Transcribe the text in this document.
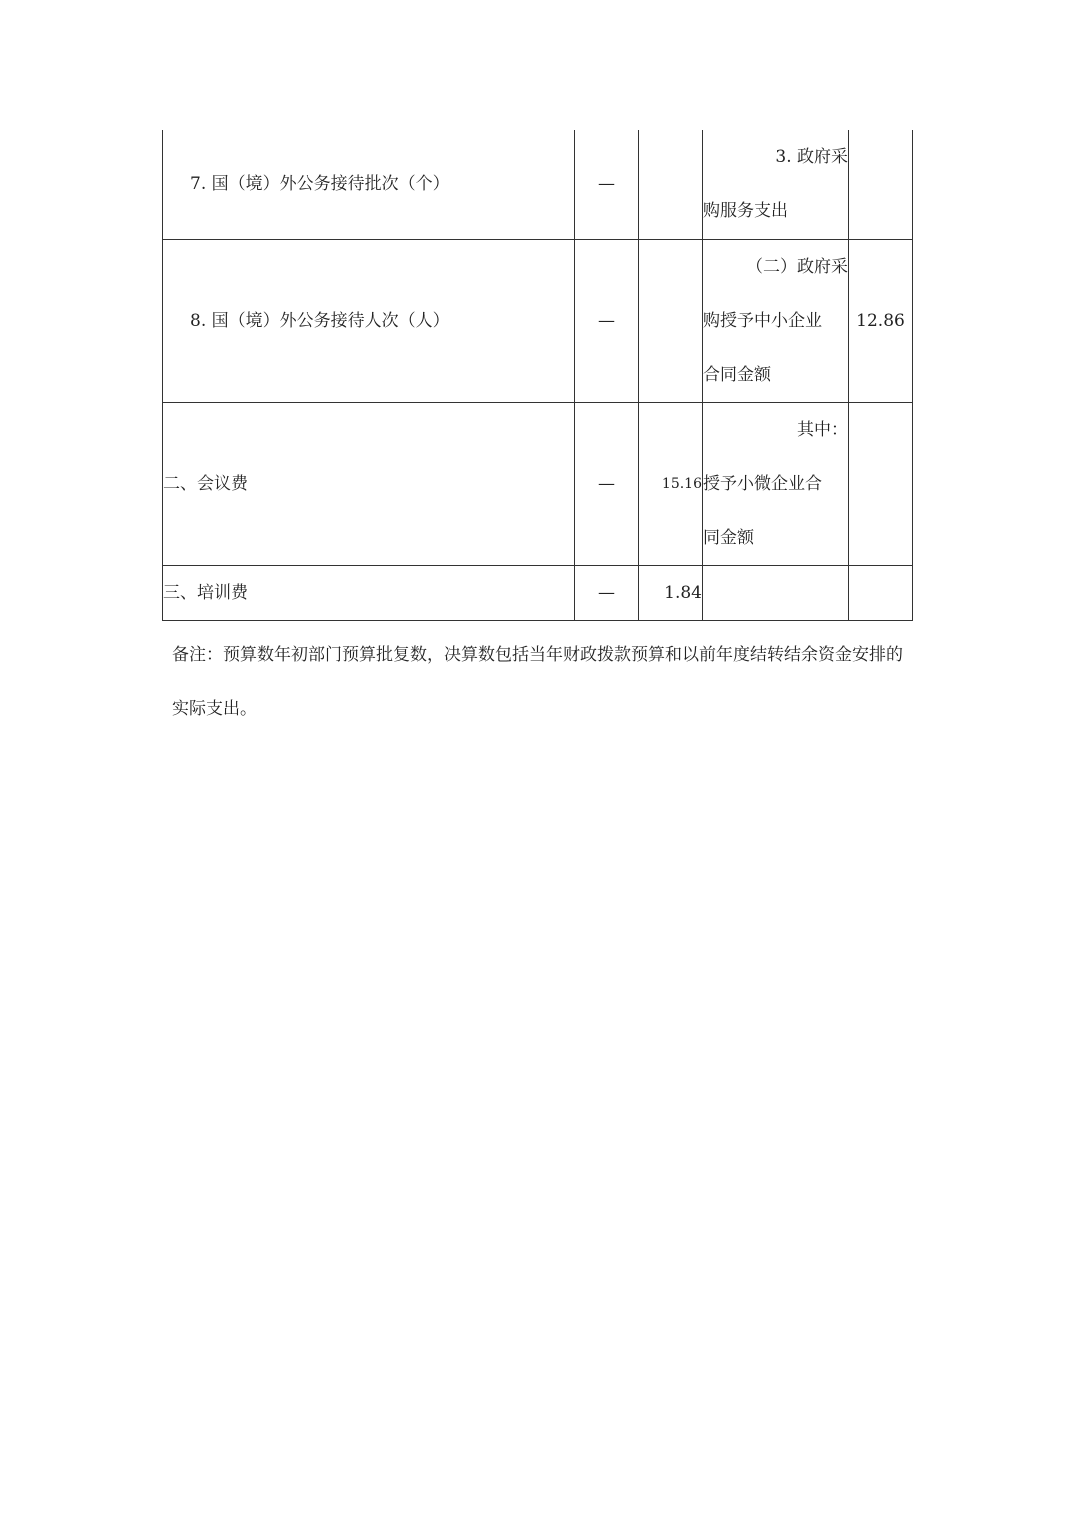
7. 国（境）外公务接待批次（个）	—		3. 政府采
购服务支出	

8. 国（境）外公务接待人次（人）	—		（二）政府采
购授予中小企业
合同金额	12.86
二、会议费	—	15.16	其中：
授予小微企业合
同金额	

三、培训费	—	1.84		
备注：预算数年初部门预算批复数，决算数包括当年财政拨款预算和以前年度结转结余资金安排的实际支出。
